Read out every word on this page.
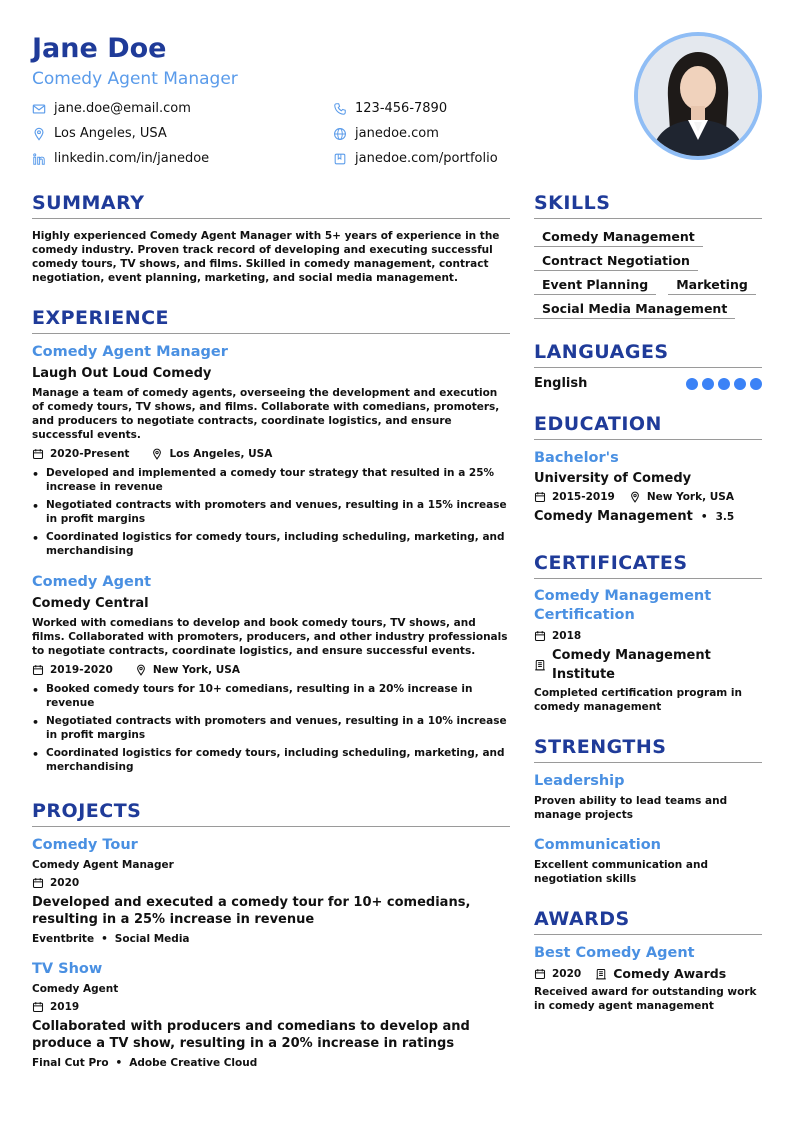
Jane Doe
Comedy Agent Manager
jane.doe@email.com	123-456-7890
Los Angeles, USA	janedoe.com
linkedin.com/in/janedoe	janedoe.com/portfolio
SUMMARY

Highly experienced Comedy Agent Manager with 5+ years of experience in the comedy industry. Proven track record of developing and executing successful comedy tours, TV shows, and films. Skilled in comedy management, contract negotiation, event planning, marketing, and social media management.

EXPERIENCE
Comedy Agent Manager
Laugh Out Loud Comedy

Manage a team of comedy agents, overseeing the development and execution of comedy tours, TV shows, and films. Collaborate with comedians, promoters, and producers to negotiate contracts, coordinate logistics, and ensure successful events.

2020-Present	Los Angeles, USA
• Developed and implemented a comedy tour strategy that resulted in a 25% increase in revenue
• Negotiated contracts with promoters and venues, resulting in a 15% increase in profit margins
• Coordinated logistics for comedy tours, including scheduling, marketing, and merchandising
Comedy Agent
Comedy Central

Worked with comedians to develop and book comedy tours, TV shows, and films. Collaborated with promoters, producers, and other industry professionals to negotiate contracts, coordinate logistics, and ensure successful events.

2019-2020	New York, USA
• Booked comedy tours for 10+ comedians, resulting in a 20% increase in revenue
• Negotiated contracts with promoters and venues, resulting in a 10% increase in profit margins
• Coordinated logistics for comedy tours, including scheduling, marketing, and merchandising
PROJECTS
Comedy Tour
Comedy Agent Manager
2020

Developed and executed a comedy tour for 10+ comedians, resulting in a 25% increase in revenue

Eventbrite • Social Media
TV Show
Comedy Agent
2019

Collaborated with producers and comedians to develop and produce a TV show, resulting in a 20% increase in ratings

Final Cut Pro • Adobe Creative Cloud
SKILLS
Comedy Management
Contract Negotiation
Event Planning Marketing
Social Media Management
LANGUAGES
English
EDUCATION
Bachelor's
University of Comedy
2015-2019	New York, USA
Comedy Management • 3.5
CERTIFICATES
Comedy Management Certification
2018
Comedy Management Institute

Completed certification program in comedy management

STRENGTHS
Leadership

Proven ability to lead teams and manage projects

Communication

Excellent communication and negotiation skills

AWARDS
Best Comedy Agent
2020	Comedy Awards

Received award for outstanding work in comedy agent management
